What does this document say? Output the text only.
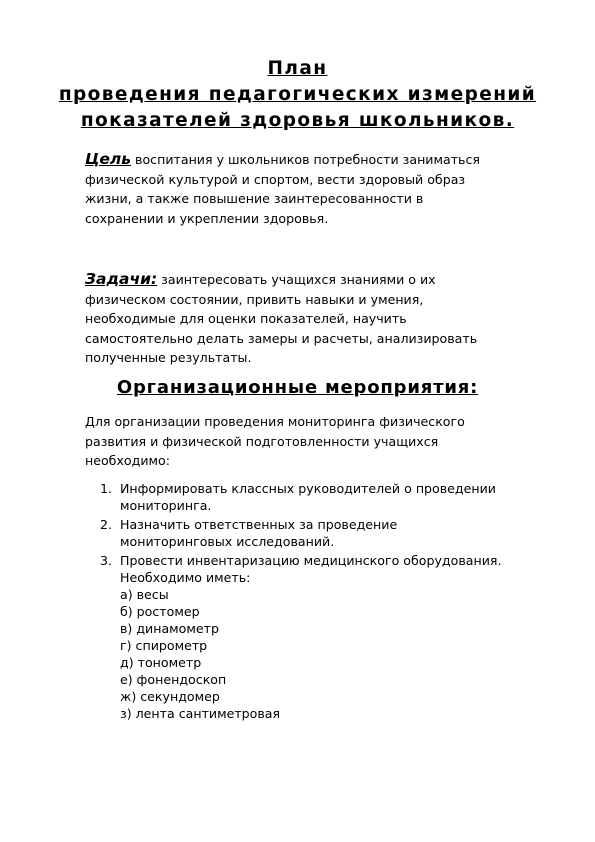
План
проведения педагогических измерений
показателей здоровья школьников.
Цель воспитания у школьников потребности заниматься
физической культурой и спортом, вести здоровый образ
жизни, а также повышение заинтересованности в
сохранении и укреплении здоровья.
Задачи: заинтересовать учащихся знаниями о их
физическом состоянии, привить навыки и умения,
необходимые для оценки показателей, научить
самостоятельно делать замеры и расчеты, анализировать
полученные результаты.
Организационные мероприятия:
Для организации проведения мониторинга физического
развития и физической подготовленности учащихся
необходимо:
1. Информировать классных руководителей о проведении
мониторинга.
2. Назначить ответственных за проведение
мониторинговых исследований.
3. Провести инвентаризацию медицинского оборудования.
Необходимо иметь:
а) весы
б) ростомер
в) динамометр
г) спирометр
д) тонометр
е) фонендоскоп
ж) секундомер
з) лента сантиметровая
